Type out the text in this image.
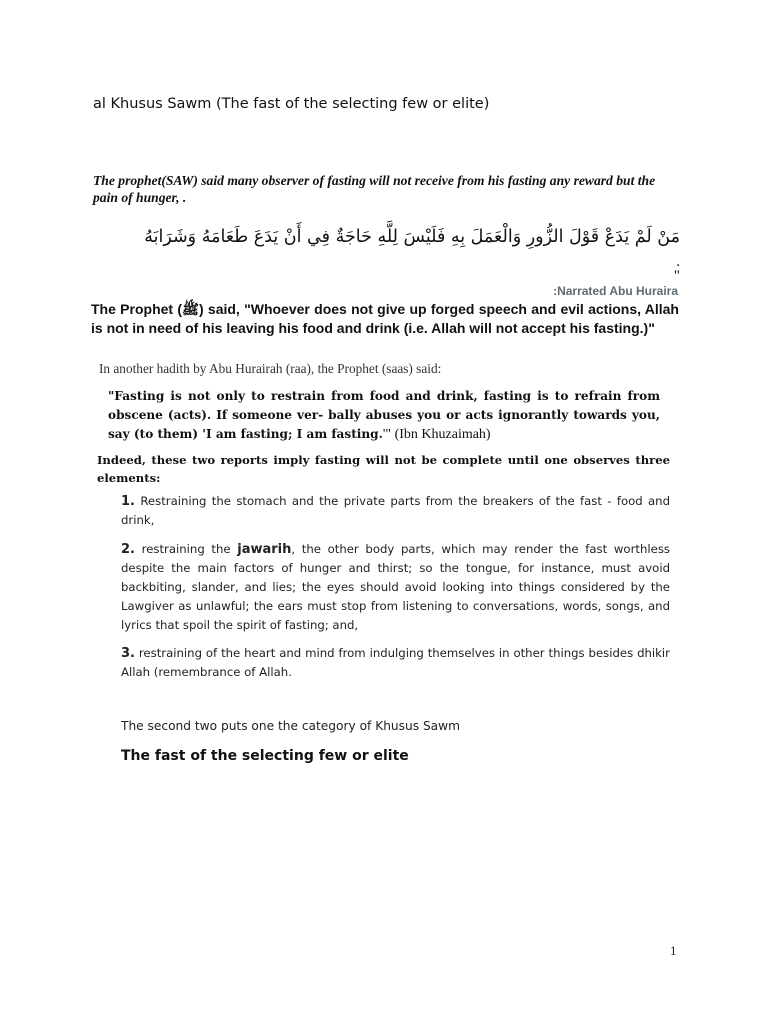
al Khusus Sawm (The fast of the selecting few or elite)
The prophet(SAW) said many observer of fasting will not receive from his fasting any reward but the pain of hunger, .
مَنْ لَمْ يَدَعْ قَوْلَ الزُّورِ وَالْعَمَلَ بِهِ فَلَيْسَ لِلَّهِ حَاجَةٌ فِي أَنْ يَدَعَ طَعَامَهُ وَشَرَابَهُ
.
"
:Narrated Abu Huraira
The Prophet (ﷺ) said, "Whoever does not give up forged speech and evil actions, Allah is not in need of his leaving his food and drink (i.e. Allah will not accept his fasting.)"
In another hadith by Abu Hurairah (raa), the Prophet (saas) said:
"Fasting is not only to restrain from food and drink, fasting is to refrain from obscene (acts). If someone ver- bally abuses you or acts ignorantly towards you, say (to them) 'I am fasting; I am fasting.'" (Ibn Khuzaimah)
Indeed, these two reports imply fasting will not be complete until one observes three elements:
1. Restraining the stomach and the private parts from the breakers of the fast - food and drink,
2. restraining the jawarih, the other body parts, which may render the fast worthless despite the main factors of hunger and thirst; so the tongue, for instance, must avoid backbiting, slander, and lies; the eyes should avoid looking into things considered by the Lawgiver as unlawful; the ears must stop from listening to conversations, words, songs, and lyrics that spoil the spirit of fasting; and,
3. restraining of the heart and mind from indulging themselves in other things besides dhikir Allah (remembrance of Allah.
The second two puts one the category of Khusus Sawm
The fast of the selecting few or elite
1
